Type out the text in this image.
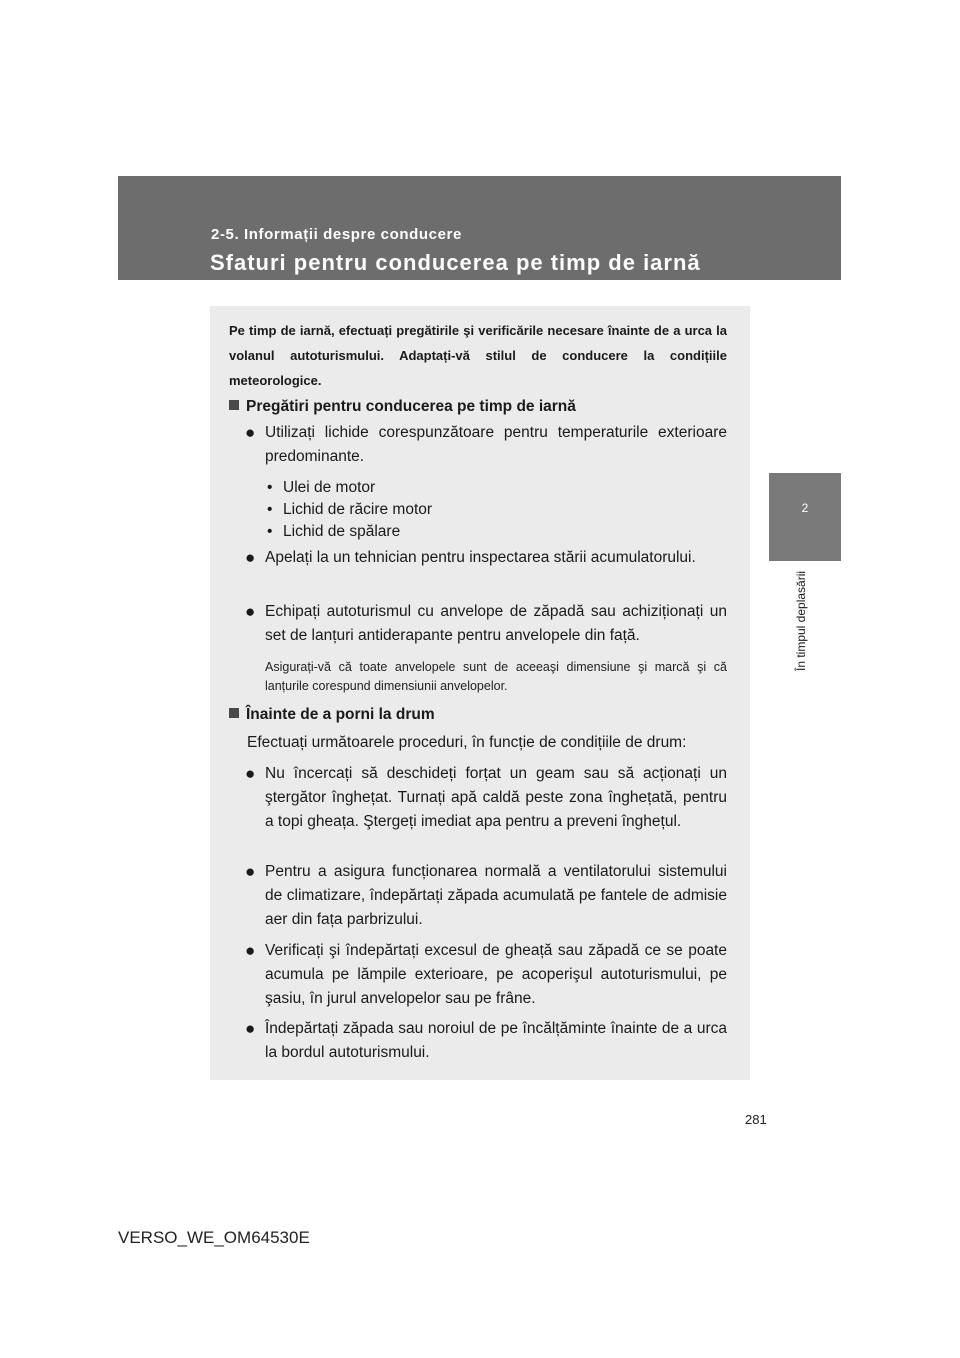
2-5. Informații despre conducere
Sfaturi pentru conducerea pe timp de iarnă
2
În timpul deplasării
Pe timp de iarnă, efectuați pregătirile şi verificările necesare înainte de a urca la volanul autoturismului. Adaptați-vă stilul de conducere la condițiile meteorologice.
Pregătiri pentru conducerea pe timp de iarnă
● Utilizați lichide corespunzătoare pentru temperaturile exterioare predominante.
• Ulei de motor
• Lichid de răcire motor
• Lichid de spălare
● Apelați la un tehnician pentru inspectarea stării acumulatorului.
● Echipați autoturismul cu anvelope de zăpadă sau achiziționați un set de lanțuri antiderapante pentru anvelopele din față.
Asigurați-vă că toate anvelopele sunt de aceeaşi dimensiune şi marcă şi că lanțurile corespund dimensiunii anvelopelor.
Înainte de a porni la drum
Efectuați următoarele proceduri, în funcție de condițiile de drum:
● Nu încercați să deschideți forțat un geam sau să acționați un ştergător înghețat. Turnați apă caldă peste zona înghețată, pentru a topi gheața. Ştergeți imediat apa pentru a preveni înghețul.
● Pentru a asigura funcționarea normală a ventilatorului sistemului de climatizare, îndepărtați zăpada acumulată pe fantele de admisie aer din fața parbrizului.
● Verificați şi îndepărtați excesul de gheață sau zăpadă ce se poate acumula pe lămpile exterioare, pe acoperişul autoturismului, pe şasiu, în jurul anvelopelor sau pe frâne.
● Îndepărtați zăpada sau noroiul de pe încălțăminte înainte de a urca la bordul autoturismului.
281
VERSO_WE_OM64530E
